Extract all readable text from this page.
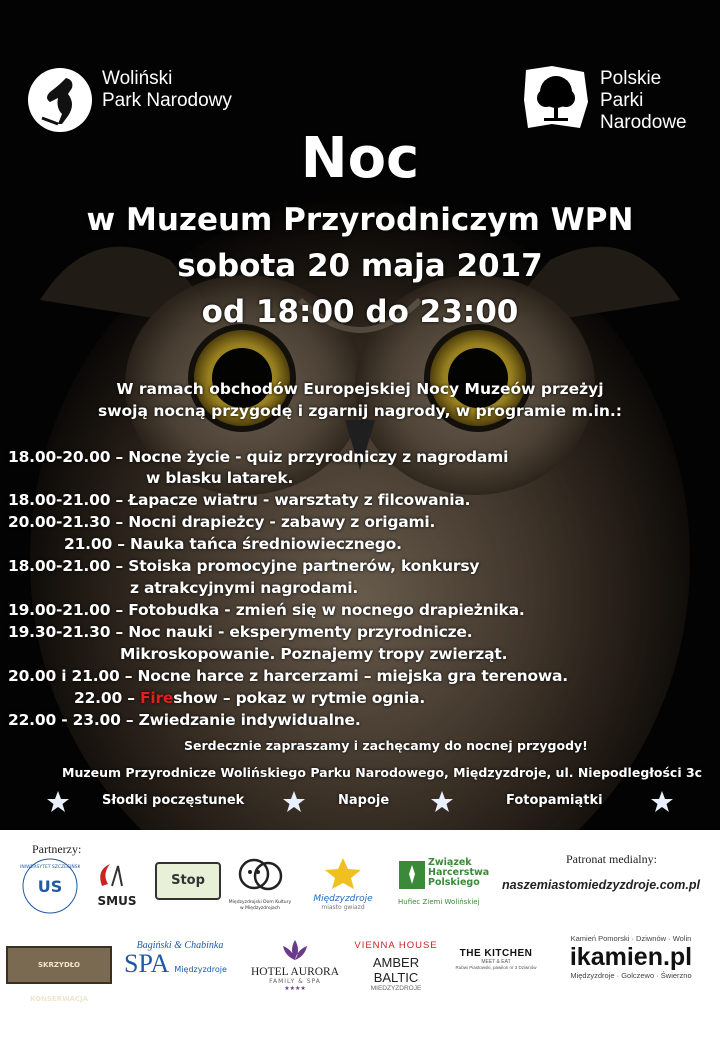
Woliński
Park Narodowy
Polskie
Parki
Narodowe
Noc
w Muzeum Przyrodniczym WPN
sobota 20 maja 2017
od 18:00 do 23:00
W ramach obchodów Europejskiej Nocy Muzeów przeżyj
swoją nocną przygodę i zgarnij nagrody, w programie m.in.:
18.00-20.00 – Nocne życie - quiz przyrodniczy z nagrodami
w blasku latarek.
18.00-21.00 – Łapacze wiatru - warsztaty z filcowania.
20.00-21.30 – Nocni drapieżcy - zabawy z origami.
21.00 – Nauka tańca średniowiecznego.
18.00-21.00 – Stoiska promocyjne partnerów, konkursy
z atrakcyjnymi nagrodami.
19.00-21.00 – Fotobudka - zmień się w nocnego drapieżnika.
19.30-21.30 – Noc nauki - eksperymenty przyrodnicze.
Mikroskopowanie. Poznajemy tropy zwierząt.
20.00 i 21.00 – Nocne harce z harcerzami – miejska gra terenowa.
22.00 – Fireshow – pokaz w rytmie ognia.
22.00 - 23.00 – Zwiedzanie indywidualne.
Serdecznie zapraszamy i zachęcamy do nocnej przygody!
Muzeum Przyrodnicze Wolińskiego Parku Narodowego, Międzyzdroje, ul. Niepodległości 3c
Słodki poczęstunek	Napoje	Fotopamiątki
Partnerzy:
Patronat medialny:
US
UNIWERSYTET SZCZECIŃSKI
SMUS
Stop
Międzyzdrojski Dom Kultury w Międzyzdrojach
Międzyzdroje
miasto gwiazd
Związek
Harcerstwa
Polskiego
Hufiec Ziemi Wolińskiej
naszemiastomiedzyzdroje.com.pl
SKRZYDŁO KONSERWACJA
Bagiński & Chabinka
SPA Międzyzdroje	HOTEL AURORA
FAMILY & SPA
★★★★
VIENNA HOUSE
AMBER BALTIC
MIEDZYZDROJE
THE KITCHEN
MEET & EAT
Rubwi Piastowski, pawilon nr 3 Dziwnów
Kamień Pomorski · Dziwnów · Wolin
ikamien.pl
Międzyzdroje · Golczewo · Świerzno
